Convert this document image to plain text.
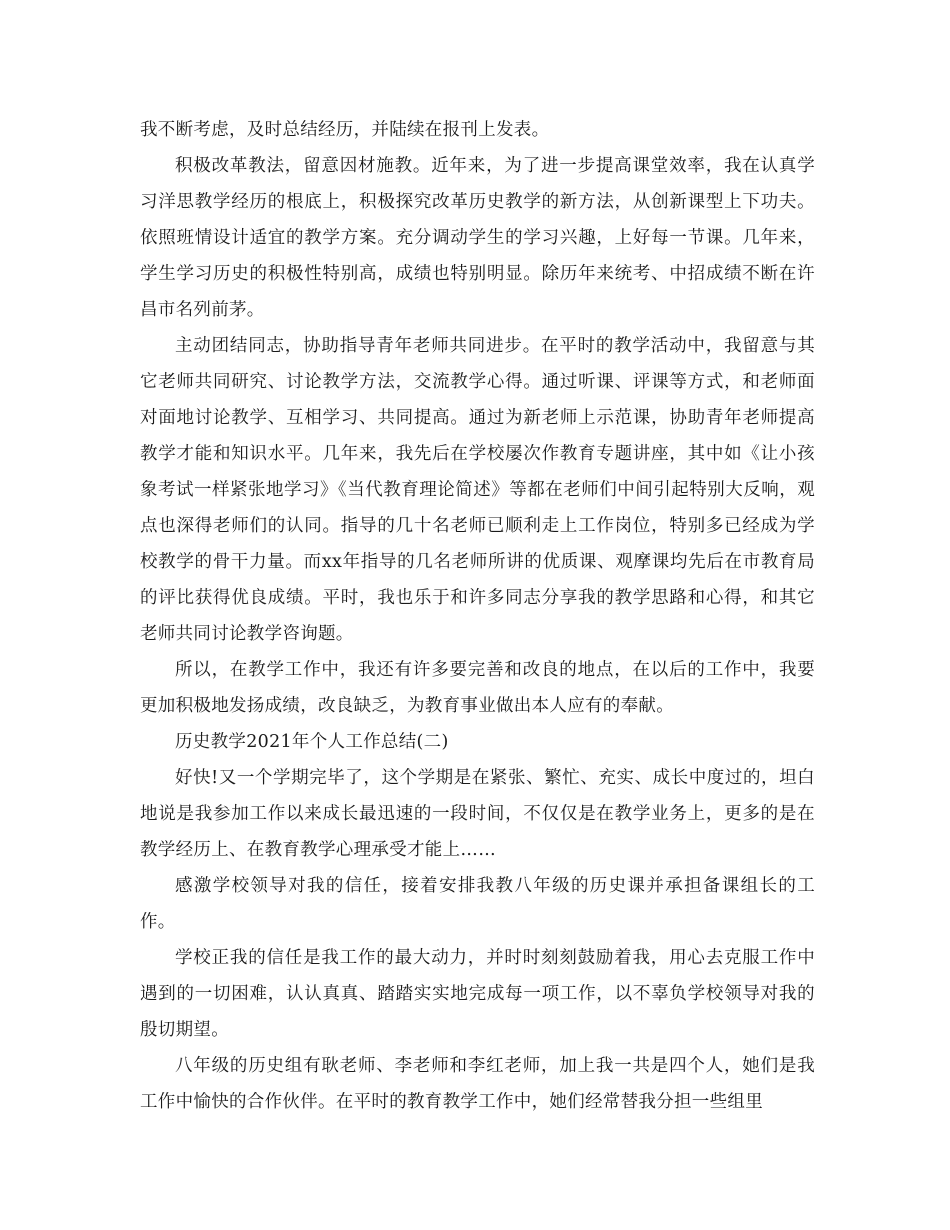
我不断考虑，及时总结经历，并陆续在报刊上发表。

积极改革教法，留意因材施教。近年来，为了进一步提高课堂效率，我在认真学习洋思教学经历的根底上，积极探究改革历史教学的新方法，从创新课型上下功夫。依照班情设计适宜的教学方案。充分调动学生的学习兴趣，上好每一节课。几年来，学生学习历史的积极性特别高，成绩也特别明显。除历年来统考、中招成绩不断在许昌市名列前茅。

主动团结同志，协助指导青年老师共同进步。在平时的教学活动中，我留意与其它老师共同研究、讨论教学方法，交流教学心得。通过听课、评课等方式，和老师面对面地讨论教学、互相学习、共同提高。通过为新老师上示范课，协助青年老师提高教学才能和知识水平。几年来，我先后在学校屡次作教育专题讲座，其中如《让小孩象考试一样紧张地学习》《当代教育理论简述》等都在老师们中间引起特别大反响，观点也深得老师们的认同。指导的几十名老师已顺利走上工作岗位，特别多已经成为学校教学的骨干力量。而xx年指导的几名老师所讲的优质课、观摩课均先后在市教育局的评比获得优良成绩。平时，我也乐于和许多同志分享我的教学思路和心得，和其它老师共同讨论教学咨询题。

所以，在教学工作中，我还有许多要完善和改良的地点，在以后的工作中，我要更加积极地发扬成绩，改良缺乏，为教育事业做出本人应有的奉献。

历史教学2021年个人工作总结(二)

好快!又一个学期完毕了，这个学期是在紧张、繁忙、充实、成长中度过的，坦白地说是我参加工作以来成长最迅速的一段时间，不仅仅是在教学业务上，更多的是在教学经历上、在教育教学心理承受才能上……

感激学校领导对我的信任，接着安排我教八年级的历史课并承担备课组长的工作。

学校正我的信任是我工作的最大动力，并时时刻刻鼓励着我，用心去克服工作中遇到的一切困难，认认真真、踏踏实实地完成每一项工作，以不辜负学校领导对我的殷切期望。

八年级的历史组有耿老师、李老师和李红老师，加上我一共是四个人，她们是我工作中愉快的合作伙伴。在平时的教育教学工作中，她们经常替我分担一些组里
